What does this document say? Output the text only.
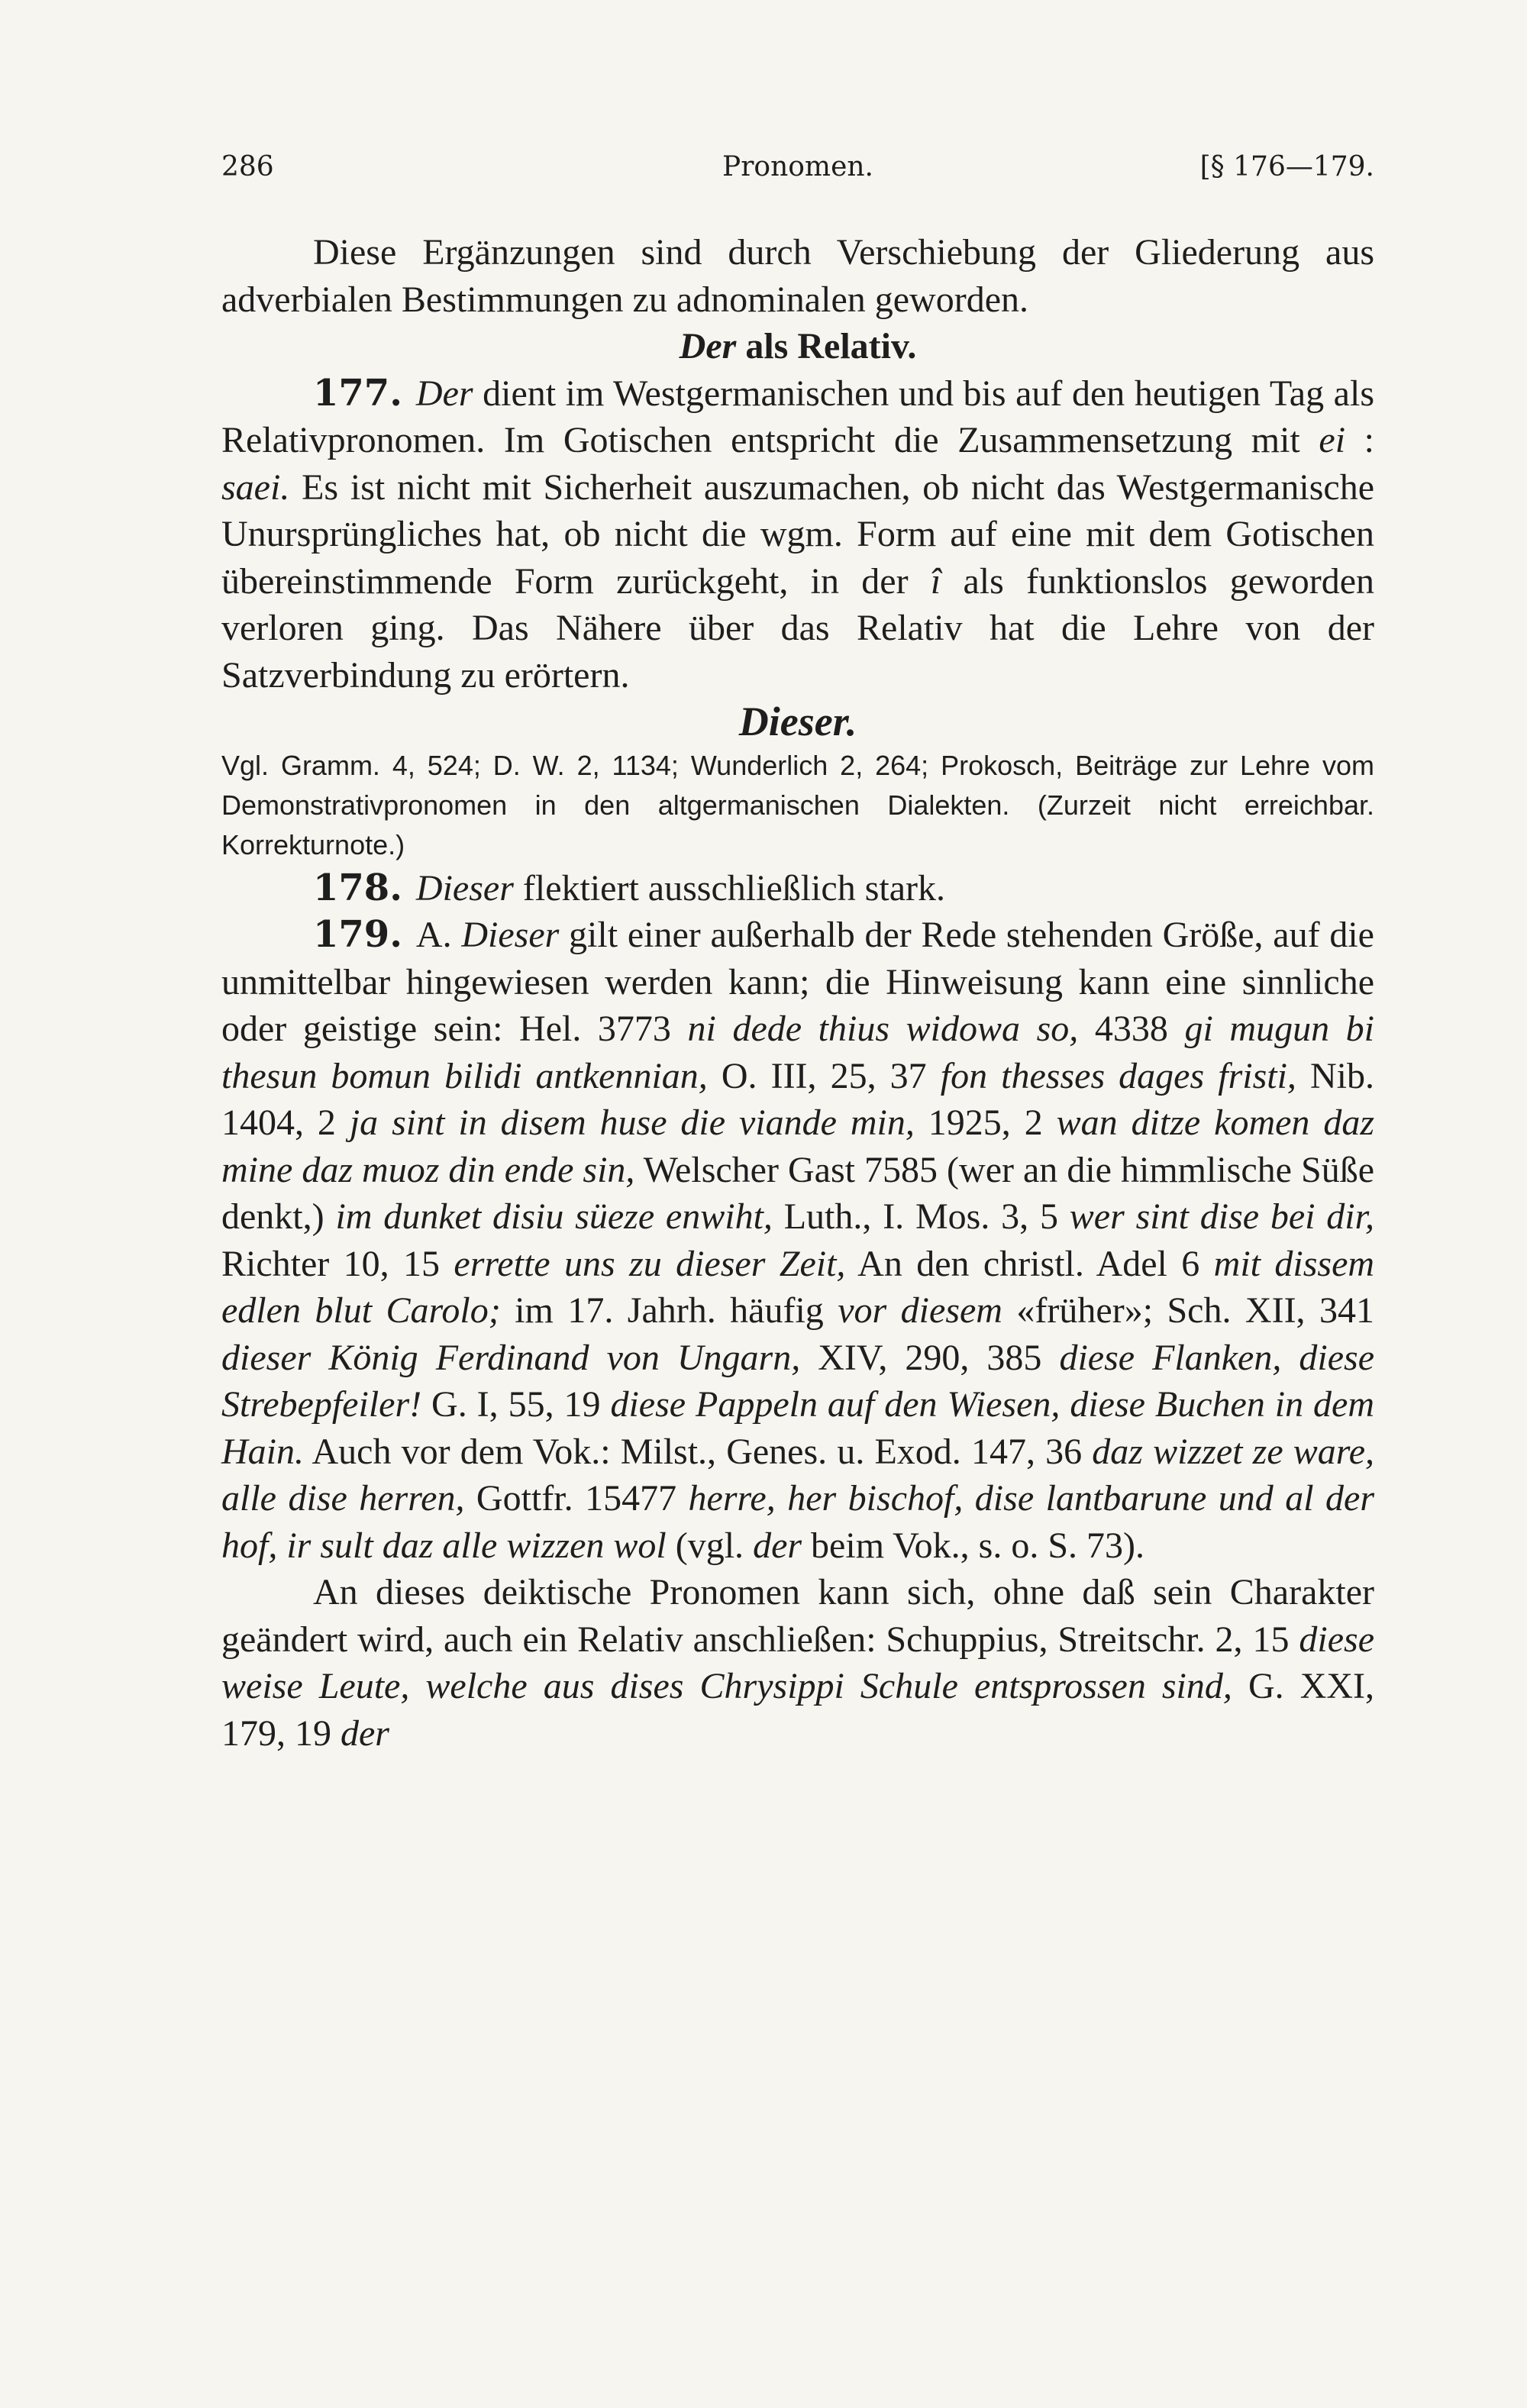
286	Pronomen.	[§ 176—179.

Diese Ergänzungen sind durch Verschiebung der Gliederung aus adverbialen Bestimmungen zu adnominalen geworden.

Der als Relativ.

177. Der dient im Westgermanischen und bis auf den heutigen Tag als Relativpronomen. Im Gotischen entspricht die Zusammensetzung mit ei : saei. Es ist nicht mit Sicherheit auszumachen, ob nicht das Westgermanische Unursprüngliches hat, ob nicht die wgm. Form auf eine mit dem Gotischen übereinstimmende Form zurückgeht, in der î als funktionslos geworden verloren ging. Das Nähere über das Relativ hat die Lehre von der Satzverbindung zu erörtern.

Dieser.

Vgl. Gramm. 4, 524; D. W. 2, 1134; Wunderlich 2, 264; Prokosch, Beiträge zur Lehre vom Demonstrativpronomen in den altgermanischen Dialekten. (Zurzeit nicht erreichbar. Korrekturnote.)

178. Dieser flektiert ausschließlich stark.

179. A. Dieser gilt einer außerhalb der Rede stehenden Größe, auf die unmittelbar hingewiesen werden kann; die Hinweisung kann eine sinnliche oder geistige sein: Hel. 3773 ni dede thius widowa so, 4338 gi mugun bi thesun bomun bilidi antkennian, O. III, 25, 37 fon thesses dages fristi, Nib. 1404, 2 ja sint in disem huse die viande min, 1925, 2 wan ditze komen daz mine daz muoz din ende sin, Welscher Gast 7585 (wer an die himmlische Süße denkt,) im dunket disiu süeze enwiht, Luth., I. Mos. 3, 5 wer sint dise bei dir, Richter 10, 15 errette uns zu dieser Zeit, An den christl. Adel 6 mit dissem edlen blut Carolo; im 17. Jahrh. häufig vor diesem «früher»; Sch. XII, 341 dieser König Ferdinand von Ungarn, XIV, 290, 385 diese Flanken, diese Strebepfeiler! G. I, 55, 19 diese Pappeln auf den Wiesen, diese Buchen in dem Hain. Auch vor dem Vok.: Milst., Genes. u. Exod. 147, 36 daz wizzet ze ware, alle dise herren, Gottfr. 15477 herre, her bischof, dise lantbarune und al der hof, ir sult daz alle wizzen wol (vgl. der beim Vok., s. o. S. 73).

An dieses deiktische Pronomen kann sich, ohne daß sein Charakter geändert wird, auch ein Relativ anschließen: Schuppius, Streitschr. 2, 15 diese weise Leute, welche aus dises Chrysippi Schule entsprossen sind, G. XXI, 179, 19 der
